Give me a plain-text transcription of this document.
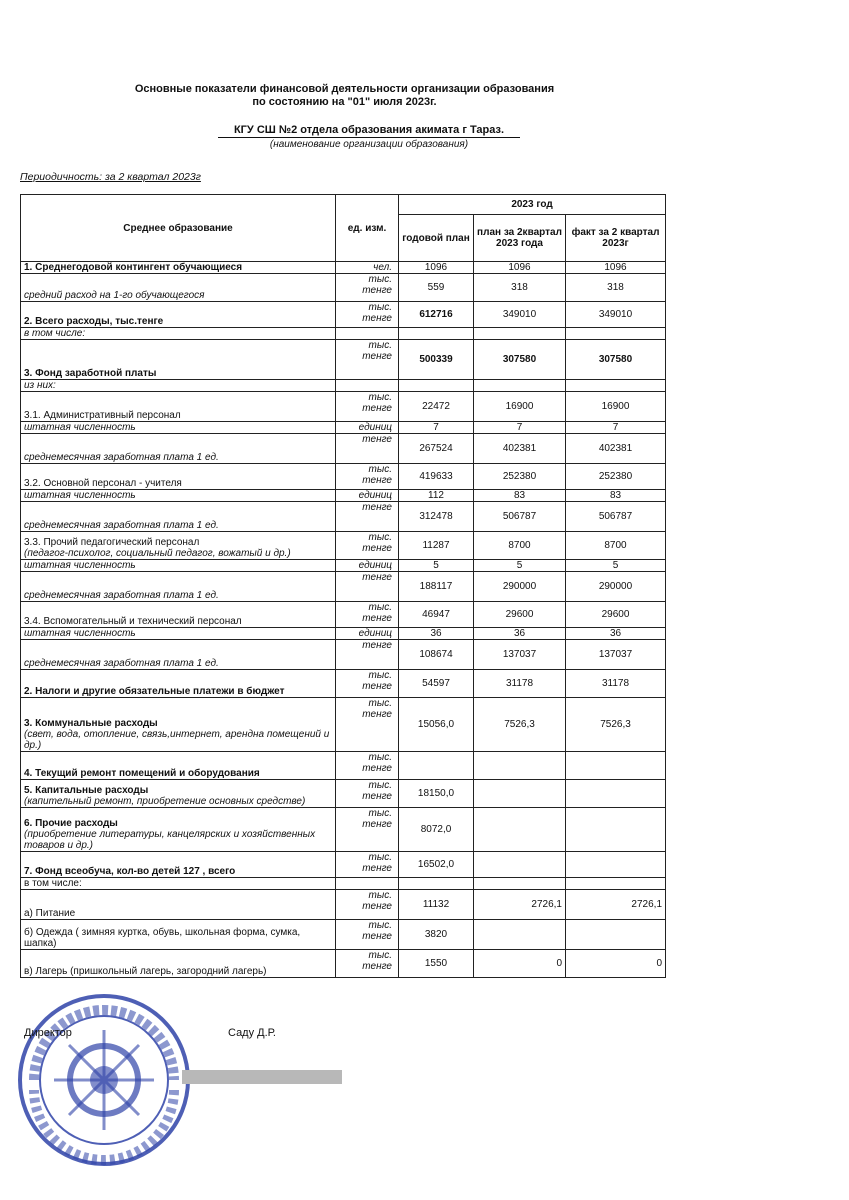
Основные показатели финансовой деятельности организации образования
по состоянию на "01" июля 2023г.
КГУ СШ №2 отдела образования акимата г Тараз.
(наименование организации образования)
Периодичность: за 2 квартал 2023г
Среднее образование	ед. изм.	2023 год		
		годовой план	план за 2квартал 2023 года	факт за 2 квартал 2023г

1. Среднегодовой контингент обучающиеся	чел.	1096	1096	1096

средний расход на 1-го обучающегося	тыс. тенге	559	318	318

2. Всего расходы, тыс.тенге	тыс. тенге	612716	349010	349010

в том числе:				

3. Фонд заработной платы	тыс. тенге	500339	307580	307580

из них:				

3.1. Административный персонал	тыс. тенге	22472	16900	16900

штатная численность	единиц	7	7	7

среднемесячная заработная плата 1 ед.	тенге	267524	402381	402381

3.2. Основной персонал - учителя	тыс. тенге	419633	252380	252380

штатная численность	единиц	112	83	83

среднемесячная заработная плата 1 ед.	тенге	312478	506787	506787

3.3. Прочий педагогический персонал
(педагог-психолог, социальный педагог, вожатый и др.)	тыс. тенге	11287	8700	8700

штатная численность	единиц	5	5	5

среднемесячная заработная плата 1 ед.	тенге	188117	290000	290000

3.4. Вспомогательный и технический персонал	тыс. тенге	46947	29600	29600

штатная численность	единиц	36	36	36

среднемесячная заработная плата 1 ед.	тенге	108674	137037	137037

2. Налоги и другие обязательные платежи в бюджет	тыс. тенге	54597	31178	31178

3. Коммунальные расходы
(свет, вода, отопление, связь,интернет, арендна помещений и др.)	тыс. тенге	15056,0	7526,3	7526,3

4. Текущий ремонт помещений и оборудования	тыс. тенге			

5. Капитальные расходы
(капительный ремонт, приобретение основных средстве)	тыс. тенге	18150,0		

6. Прочие расходы
(приобретение литературы, канцелярских и хозяйственных товаров и др.)	тыс. тенге	8072,0		

7. Фонд всеобуча, кол-во детей 127 , всего	тыс. тенге	16502,0		

в том числе:				

а) Питание	тыс. тенге	11132	2726,1	2726,1

б) Одежда ( зимняя куртка, обувь, школьная форма, сумка, шапка)	тыс. тенге	3820		

в) Лагерь (пришкольный лагерь, загородний лагерь)	тыс. тенге	1550	0	0
Директор	Саду Д.Р.
